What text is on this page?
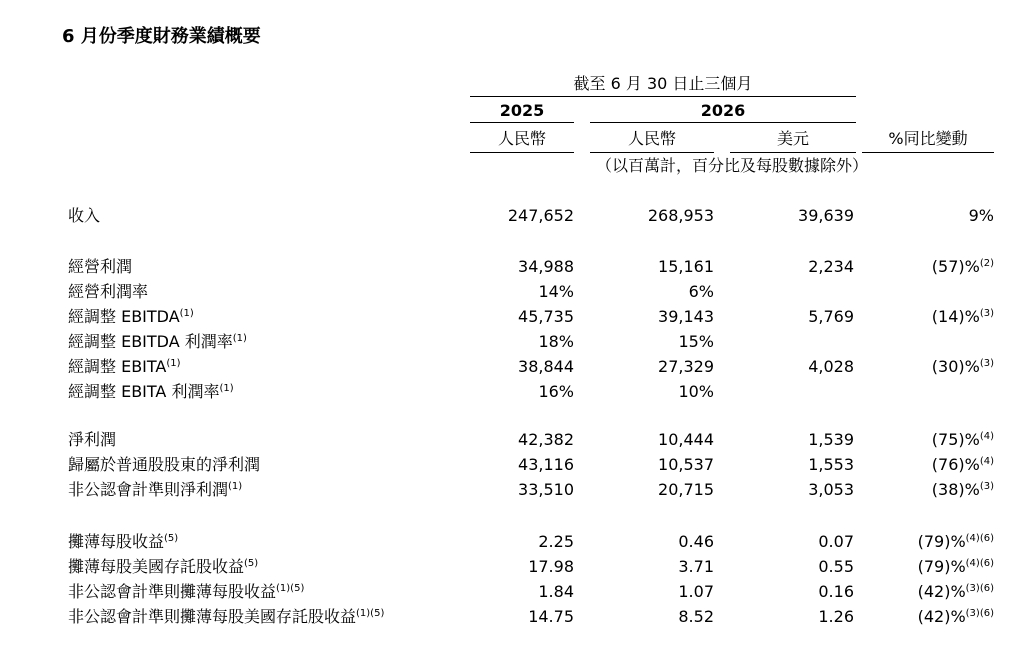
6 月份季度財務業績概要
截至 6 月 30 日止三個月
2025	2026
人民幣	人民幣	美元	%同比變動
（以百萬計，百分比及每股數據除外）
收入	247,652	268,953	39,639	9%
經營利潤	34,988	15,161	2,234	(57)%$^{(2)}$
經營利潤率	14%	6%
經調整 EBITDA$^{(1)}$	45,735	39,143	5,769	(14)%$^{(3)}$
經調整 EBITDA 利潤率$^{(1)}$	18%	15%
經調整 EBITA$^{(1)}$	38,844	27,329	4,028	(30)%$^{(3)}$
經調整 EBITA 利潤率$^{(1)}$	16%	10%
淨利潤	42,382	10,444	1,539	(75)%$^{(4)}$
歸屬於普通股股東的淨利潤	43,116	10,537	1,553	(76)%$^{(4)}$
非公認會計準則淨利潤$^{(1)}$	33,510	20,715	3,053	(38)%$^{(3)}$
攤薄每股收益$^{(5)}$	2.25	0.46	0.07	(79)%$^{(4)(6)}$
攤薄每股美國存託股收益$^{(5)}$	17.98	3.71	0.55	(79)%$^{(4)(6)}$
非公認會計準則攤薄每股收益$^{(1)(5)}$	1.84	1.07	0.16	(42)%$^{(3)(6)}$
非公認會計準則攤薄每股美國存託股收益$^{(1)(5)}$	14.75	8.52	1.26	(42)%$^{(3)(6)}$
